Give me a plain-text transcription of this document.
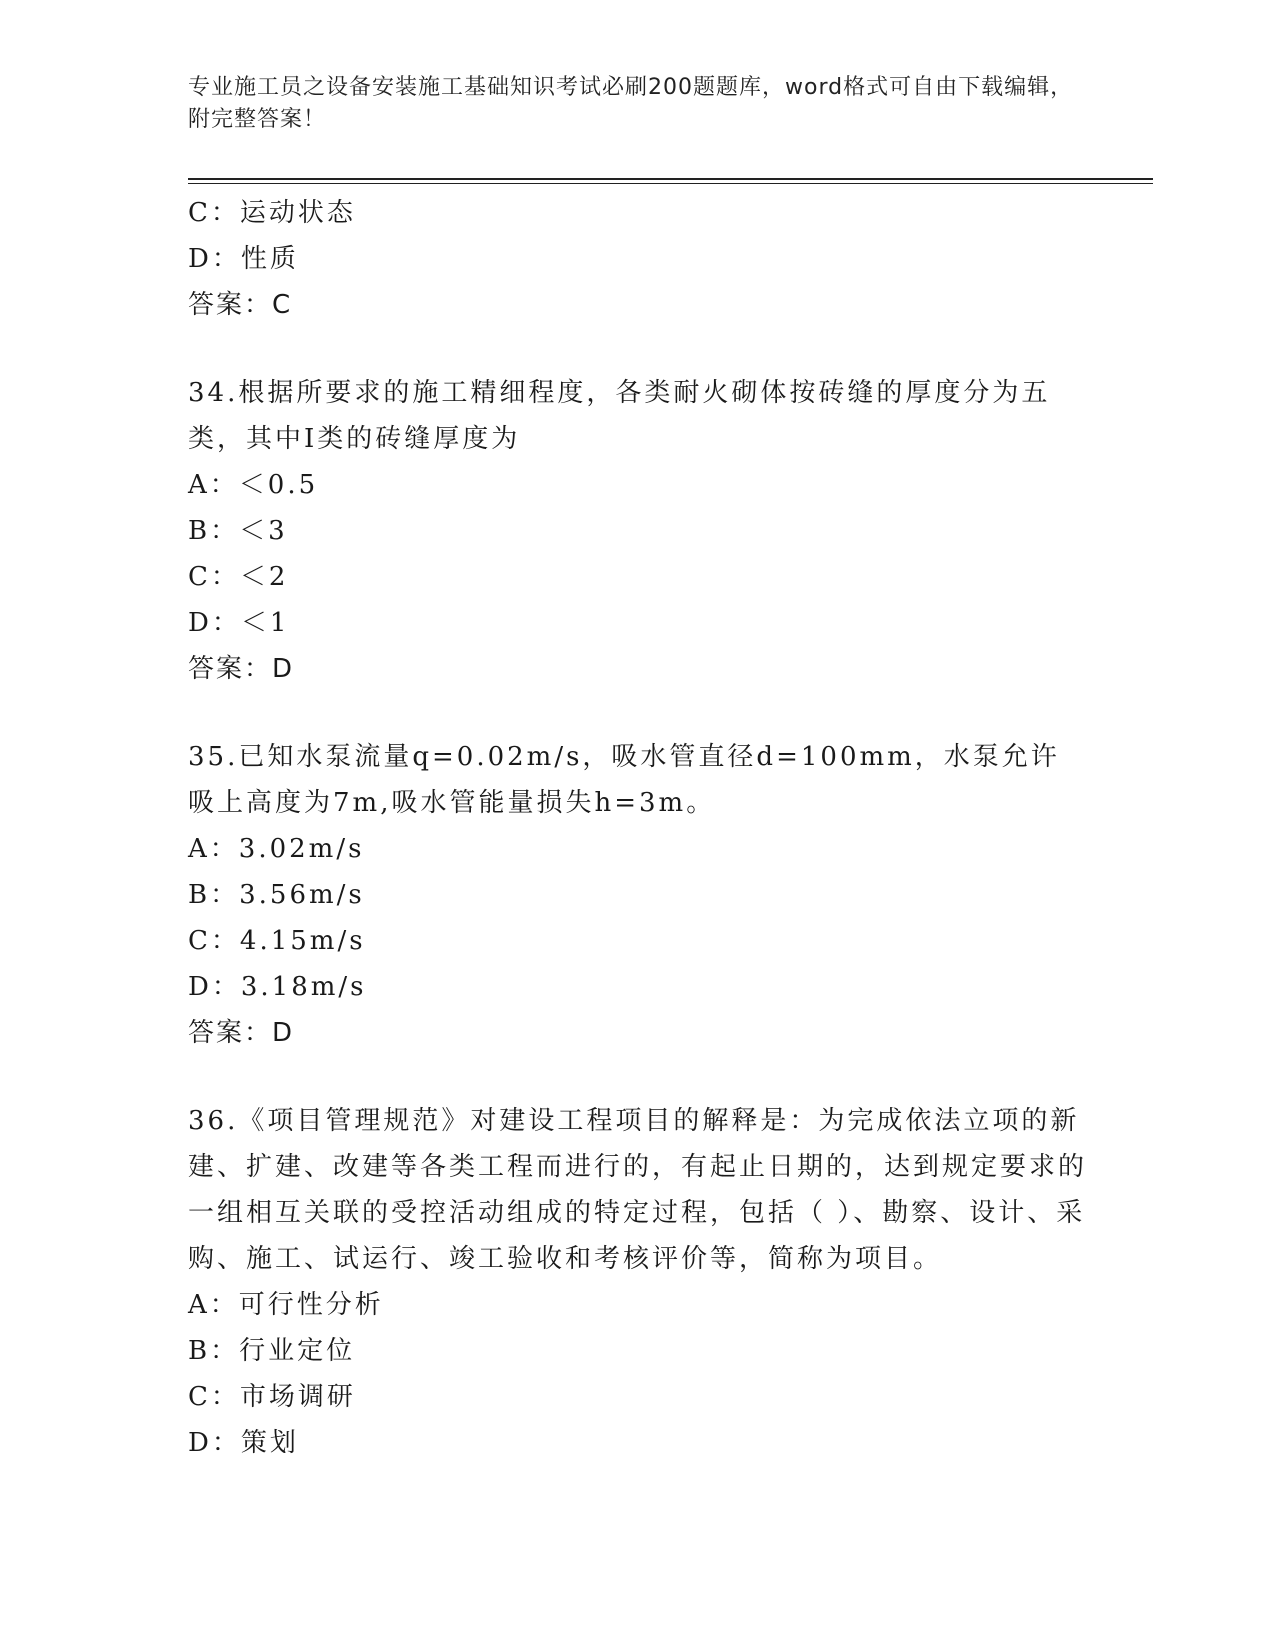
专业施工员之设备安装施工基础知识考试必刷200题题库，word格式可自由下载编辑，附完整答案！
C：运动状态
D：性质
答案：C
34.根据所要求的施工精细程度，各类耐火砌体按砖缝的厚度分为五类，其中Ⅰ类的砖缝厚度为
A：＜0.5
B：＜3
C：＜2
D：＜1
答案：D
35.已知水泵流量q=0.02m/s，吸水管直径d=100mm，水泵允许吸上高度为7m,吸水管能量损失h=3m。
A：3.02m/s
B：3.56m/s
C：4.15m/s
D：3.18m/s
答案：D
36.《项目管理规范》对建设工程项目的解释是：为完成依法立项的新建、扩建、改建等各类工程而进行的，有起止日期的，达到规定要求的一组相互关联的受控活动组成的特定过程，包括（ ）、勘察、设计、采购、施工、试运行、竣工验收和考核评价等，简称为项目。
A：可行性分析
B：行业定位
C：市场调研
D：策划
